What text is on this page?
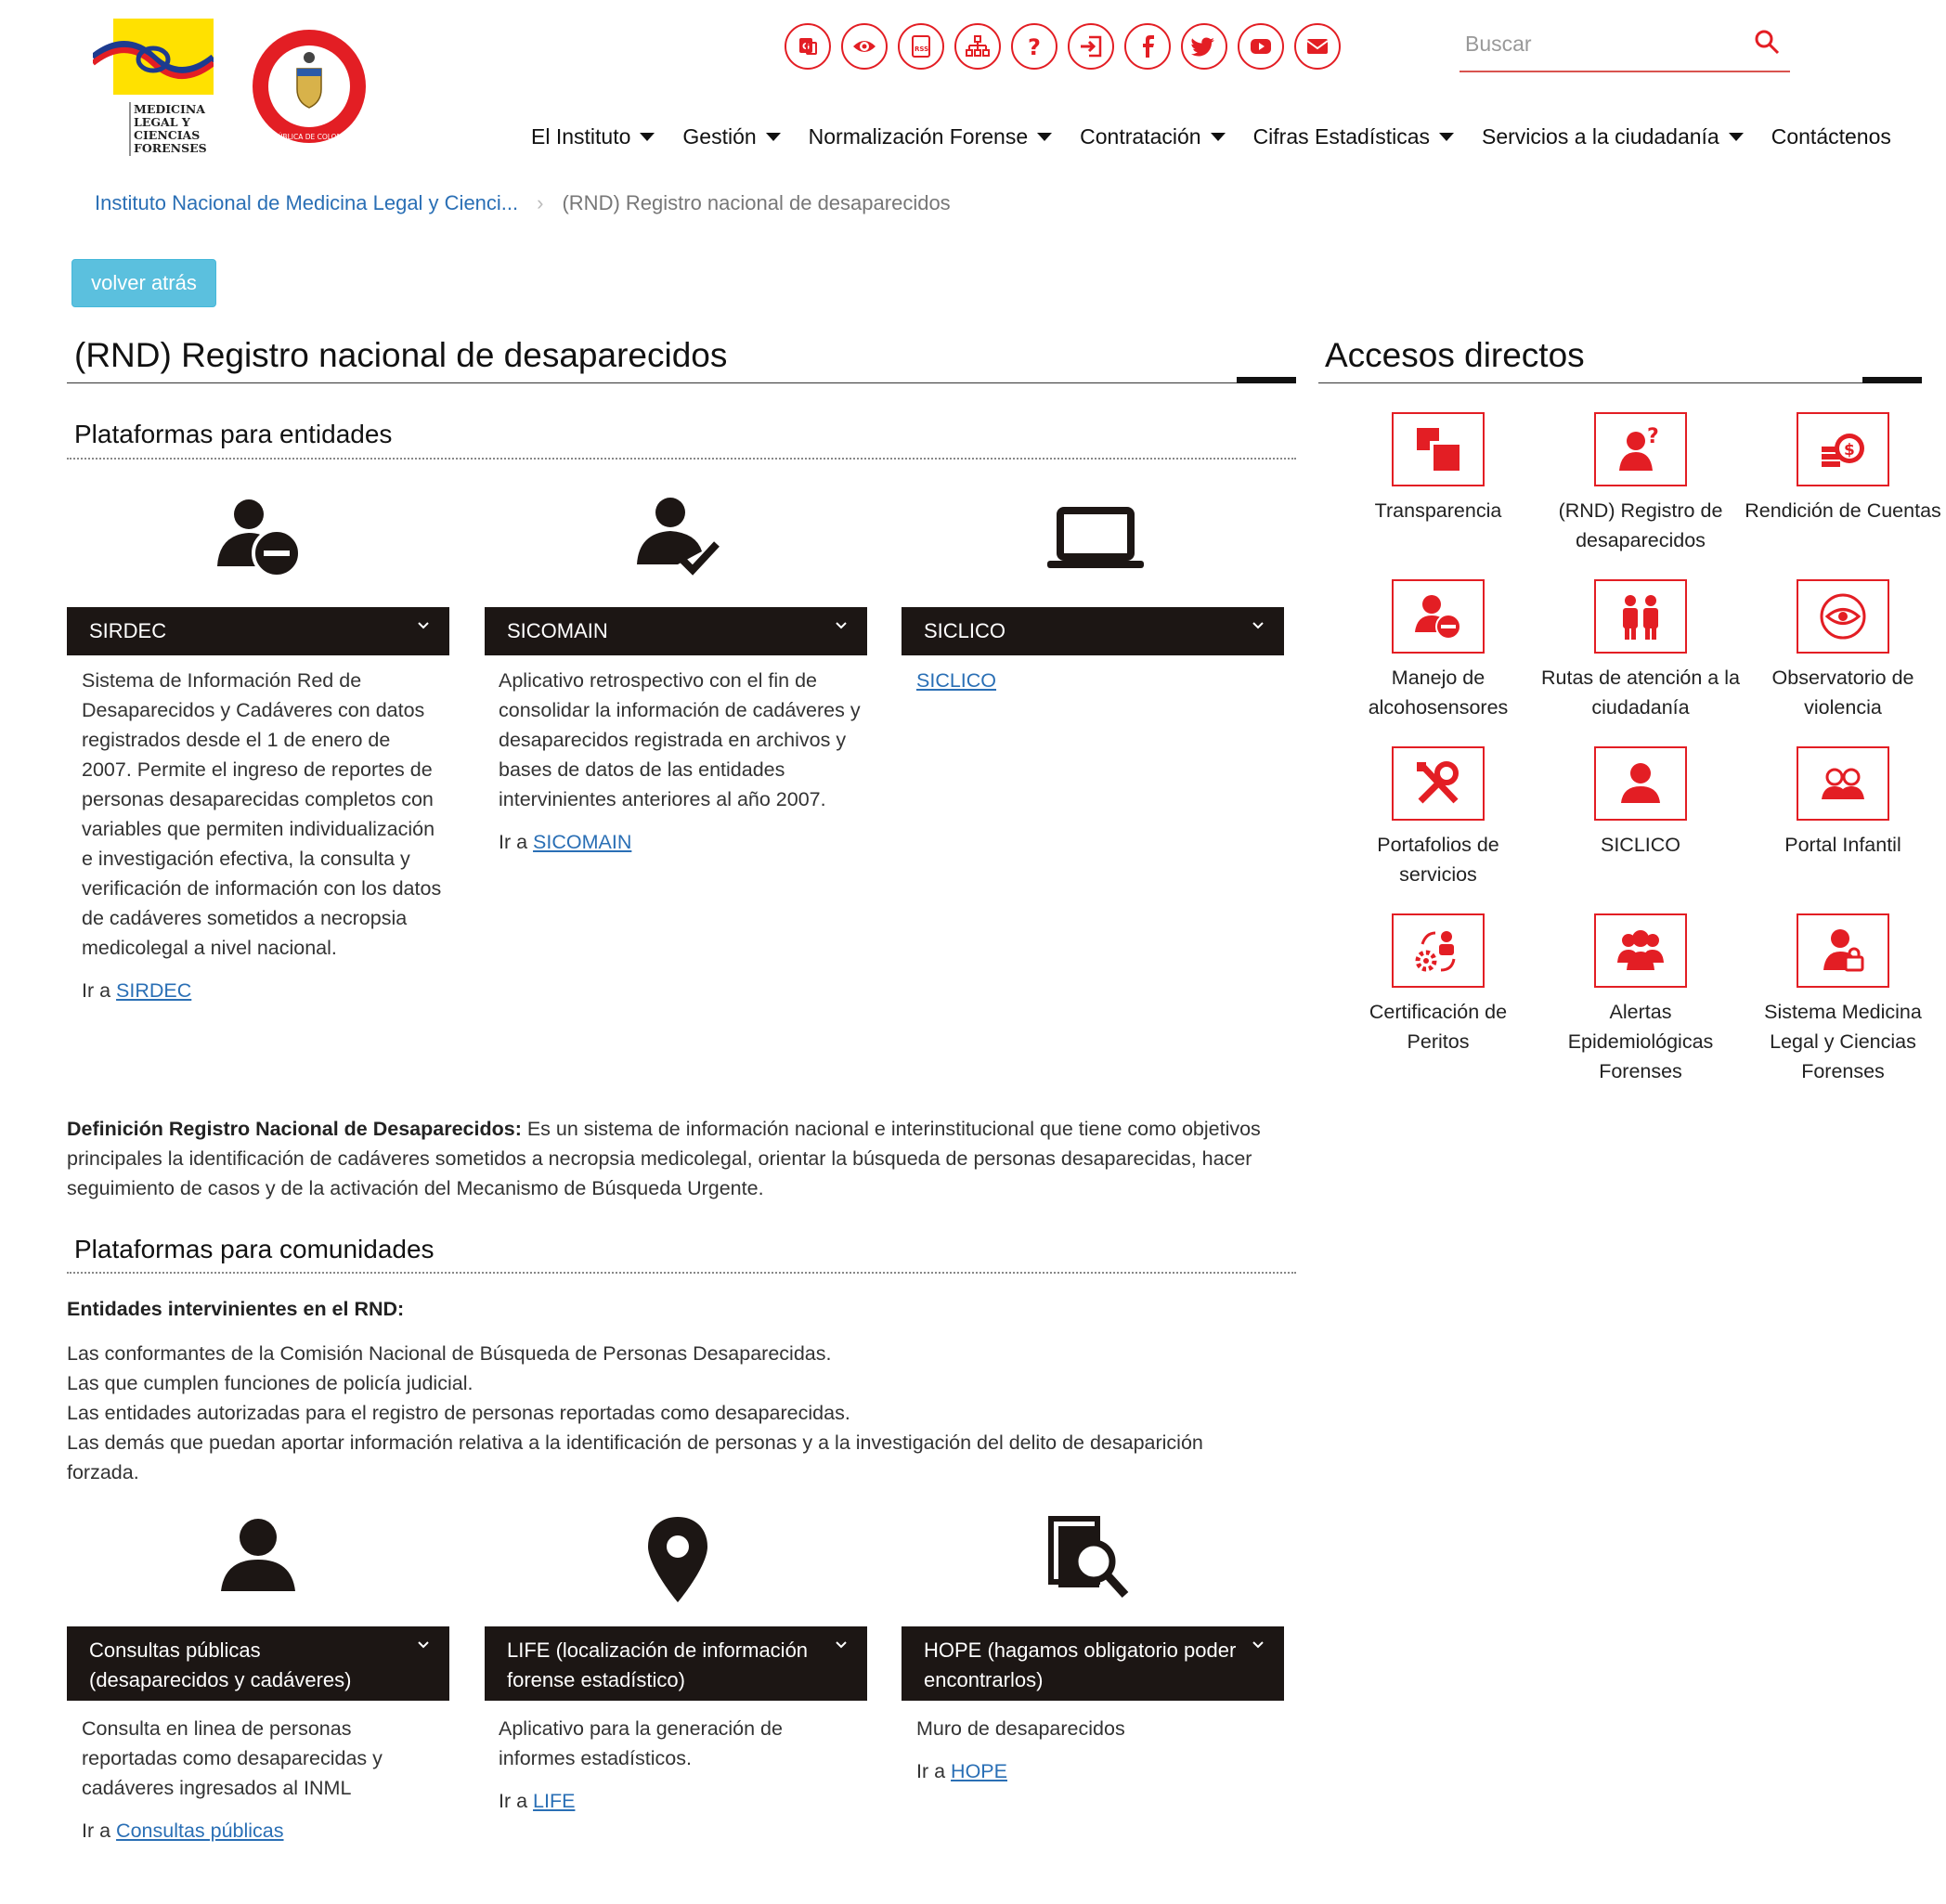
MEDICINA
LEGAL Y
CIENCIAS
FORENSES
REPÚBLICA DE COLOMBIA
G	RSS	?
Buscar
El Instituto Gestión Normalización Forense Contratación Cifras Estadísticas Servicios a la ciudadanía Contáctenos
Instituto Nacional de Medicina Legal y Cienci... › (RND) Registro nacional de desaparecidos
volver atrás
(RND) Registro nacional de desaparecidos	Accesos directos
Plataformas para entidades
SIRDEC	SICOMAIN	SICLICO

Sistema de Información Red de Desaparecidos y Cadáveres con datos registrados desde el 1 de enero de 2007. Permite el ingreso de reportes de personas desaparecidas completos con variables que permiten individualización e investigación efectiva, la consulta y verificación de información con los datos de cadáveres sometidos a necropsia medicolegal a nivel nacional.

Ir a SIRDEC

Aplicativo retrospectivo con el fin de consolidar la información de cadáveres y desaparecidos registrada en archivos y bases de datos de las entidades intervinientes anteriores al año 2007.

Ir a SICOMAIN

SICLICO

Definición Registro Nacional de Desaparecidos: Es un sistema de información nacional e interinstitucional que tiene como objetivos principales la identificación de cadáveres sometidos a necropsia medicolegal, orientar la búsqueda de personas desaparecidas, hacer seguimiento de casos y de la activación del Mecanismo de Búsqueda Urgente.

Plataformas para comunidades

Entidades intervinientes en el RND:

Las conformantes de la Comisión Nacional de Búsqueda de Personas Desaparecidas.
Las que cumplen funciones de policía judicial.
Las entidades autorizadas para el registro de personas reportadas como desaparecidas.
Las demás que puedan aportar información relativa a la identificación de personas y a la investigación del delito de desaparición forzada.
Consultas públicas (desaparecidos y cadáveres)
LIFE (localización de información forense estadístico)
HOPE (hagamos obligatorio poder encontrarlos)

Consulta en linea de personas reportadas como desaparecidas y cadáveres ingresados al INML

Ir a Consultas públicas

Aplicativo para la generación de informes estadísticos.

Ir a LIFE

Muro de desaparecidos

Ir a HOPE

Transparencia
?
(RND) Registro de desaparecidos
$
Rendición de Cuentas
Manejo de alcohosensores
Rutas de atención a la ciudadanía
Observatorio de violencia
Portafolios de servicios
SICLICO	Portal Infantil
Certificación de Peritos
Alertas Epidemiológicas Forenses
Sistema Medicina Legal y Ciencias Forenses
